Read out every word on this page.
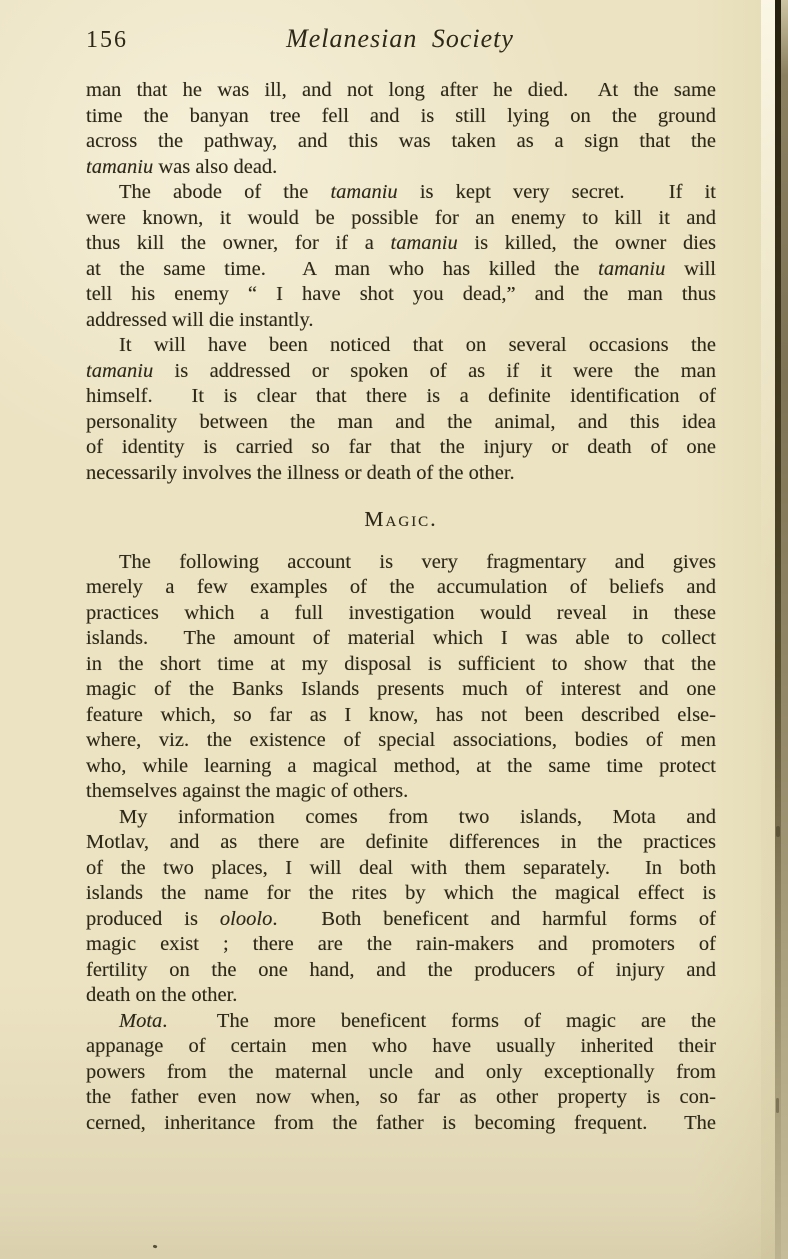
156	Melanesian Society

man that he was ill, and not long after he died.  At the same
time the banyan tree fell and is still lying on the ground
across the pathway, and this was taken as a sign that the
tamaniu was also dead.

The abode of the tamaniu is kept very secret.  If it
were known, it would be possible for an enemy to kill it and
thus kill the owner, for if a tamaniu is killed, the owner dies
at the same time.  A man who has killed the tamaniu will
tell his enemy “ I have shot you dead,” and the man thus
addressed will die instantly.

It will have been noticed that on several occasions the
tamaniu is addressed or spoken of as if it were the man
himself.  It is clear that there is a definite identification of
personality between the man and the animal, and this idea
of identity is carried so far that the injury or death of one
necessarily involves the illness or death of the other.

Magic.

The following account is very fragmentary and gives
merely a few examples of the accumulation of beliefs and
practices which a full investigation would reveal in these
islands.  The amount of material which I was able to collect
in the short time at my disposal is sufficient to show that the
magic of the Banks Islands presents much of interest and one
feature which, so far as I know, has not been described else-
where, viz. the existence of special associations, bodies of men
who, while learning a magical method, at the same time protect
themselves against the magic of others.

My information comes from two islands, Mota and
Motlav, and as there are definite differences in the practices
of the two places, I will deal with them separately.  In both
islands the name for the rites by which the magical effect is
produced is oloolo.  Both beneficent and harmful forms of
magic exist ; there are the rain-makers and promoters of
fertility on the one hand, and the producers of injury and
death on the other.

Mota.  The more beneficent forms of magic are the
appanage of certain men who have usually inherited their
powers from the maternal uncle and only exceptionally from
the father even now when, so far as other property is con-
cerned, inheritance from the father is becoming frequent.  The
